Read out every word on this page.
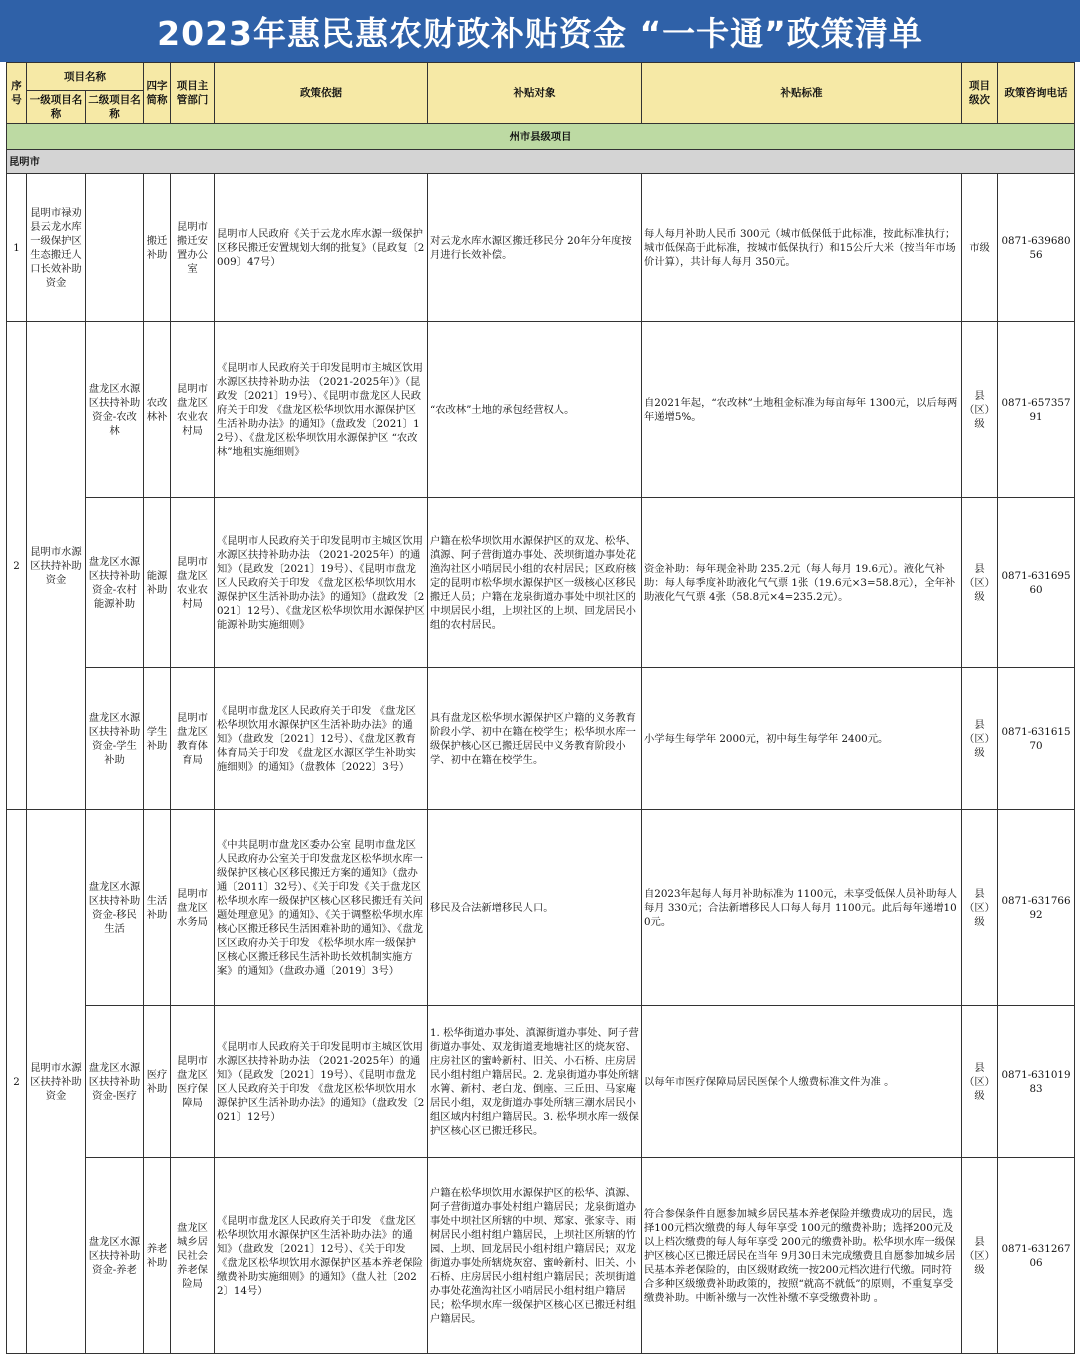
2023年惠民惠农财政补贴资金 “一卡通”政策清单
序号	项目名称		四字简称	项目主管部门	政策依据	补贴对象	补贴标准	项目级次	政策咨询电话
	一级项目名称	二级项目名称							
州市县级项目									
昆明市									
1	昆明市禄劝县云龙水库一级保护区生态搬迁人口长效补助资金		搬迁补助	昆明市搬迁安置办公室	昆明市人民政府《关于云龙水库水源一级保护区移民搬迁安置规划大纲的批复》（昆政复〔2009〕47号）	对云龙水库水源区搬迁移民分 20年分年度按月进行长效补偿。	每人每月补助人民币 300元（城市低保低于此标准，按此标准执行；城市低保高于此标准，按城市低保执行）和15公斤大米（按当年市场价计算），共计每人每月 350元。	市级	0871-63968056
2	昆明市水源区扶持补助资金	盘龙区水源区扶持补助资金-农改林	农改林补	昆明市盘龙区农业农村局	《昆明市人民政府关于印发昆明市主城区饮用水源区扶持补助办法 （2021-2025年）》（昆政发〔2021〕19号）、《昆明市盘龙区人民政府关于印发 《盘龙区松华坝饮用水源保护区生活补助办法》的通知》（盘政发〔2021〕12号）、《盘龙区松华坝饮用水源保护区 “农改林”地租实施细则》	“农改林”土地的承包经营权人。	自2021年起，“农改林”土地租金标准为每亩每年 1300元，以后每两年递增5%。	县（区）级	0871-65735791
		盘龙区水源区扶持补助资金-农村能源补助	能源补助	昆明市盘龙区农业农村局	《昆明市人民政府关于印发昆明市主城区饮用水源区扶持补助办法 （2021-2025年）的通知》（昆政发〔2021〕19号）、《昆明市盘龙区人民政府关于印发 《盘龙区松华坝饮用水源保护区生活补助办法》的通知》（盘政发〔2021〕12号）、《盘龙区松华坝饮用水源保护区能源补助实施细则》	户籍在松华坝饮用水源保护区的双龙、松华、滇源、阿子营街道办事处、茨坝街道办事处花渔沟社区小哨居民小组的农村居民；区政府核定的昆明市松华坝水源保护区一级核心区移民搬迁人员；户籍在龙泉街道办事处中坝社区的中坝居民小组，上坝社区的上坝、回龙居民小组的农村居民。	资金补助：每年现金补助 235.2元（每人每月 19.6元）。液化气补助：每人每季度补助液化气气票 1张（19.6元×3=58.8元），全年补助液化气气票 4张（58.8元×4=235.2元）。	县（区）级	0871-63169560
		盘龙区水源区扶持补助资金-学生补助	学生补助	昆明市盘龙区教育体育局	《昆明市盘龙区人民政府关于印发 《盘龙区松华坝饮用水源保护区生活补助办法》的通知》（盘政发〔2021〕12号）、《盘龙区教育体育局关于印发 《盘龙区水源区学生补助实施细则》的通知》（盘教体〔2022〕3号）	具有盘龙区松华坝水源保护区户籍的义务教育阶段小学、初中在籍在校学生；松华坝水库一级保护核心区已搬迁居民中义务教育阶段小学、初中在籍在校学生。	小学每生每学年 2000元，初中每生每学年 2400元。	县（区）级	0871-63161570
2	昆明市水源区扶持补助资金	盘龙区水源区扶持补助资金-移民生活	生活补助	昆明市盘龙区水务局	《中共昆明市盘龙区委办公室 昆明市盘龙区人民政府办公室关于印发盘龙区松华坝水库一级保护区核心区移民搬迁方案的通知》（盘办通〔2011〕32号）、《关于印发《关于盘龙区松华坝水库一级保护区核心区移民搬迁有关问题处理意见》的通知》、《关于调整松华坝水库核心区搬迁移民生活困难补助的通知》、《盘龙区区政府办关于印发 《松华坝水库一级保护区核心区搬迁移民生活补助长效机制实施方案》的通知》（盘政办通〔2019〕3号）	移民及合法新增移民人口。	自2023年起每人每月补助标准为 1100元，未享受低保人员补助每人每月 330元；合法新增移民人口每人每月 1100元。此后每年递增100元。	县（区）级	0871-63176692
		盘龙区水源区扶持补助资金-医疗	医疗补助	昆明市盘龙区医疗保障局	《昆明市人民政府关于印发昆明市主城区饮用水源区扶持补助办法 （2021-2025年）的通知》（昆政发〔2021〕19号）、《昆明市盘龙区人民政府关于印发 《盘龙区松华坝饮用水源保护区生活补助办法》的通知》（盘政发〔2021〕12号）	1. 松华街道办事处、滇源街道办事处、阿子营街道办事处、双龙街道麦地塘社区的烧灰窑、庄房社区的蜜岭新村、旧关、小石桥、庄房居民小组村组户籍居民。2. 龙泉街道办事处所辖水箐、新村、老白龙、倒座、三丘田、马家庵居民小组，双龙街道办事处所辖三潮水居民小组区域内村组户籍居民。3. 松华坝水库一级保护区核心区已搬迁移民。	以每年市医疗保障局居民医保个人缴费标准文件为准 。	县（区）级	0871-63101983
		盘龙区水源区扶持补助资金-养老	养老补助	盘龙区城乡居民社会养老保险局	《昆明市盘龙区人民政府关于印发 《盘龙区松华坝饮用水源保护区生活补助办法》的通知》（盘政发〔2021〕12号）、《关于印发 《盘龙区松华坝饮用水源保护区基本养老保险缴费补助实施细则》的通知》（盘人社〔2022〕14号）	户籍在松华坝饮用水源保护区的松华、滇源、阿子营街道办事处村组户籍居民；龙泉街道办事处中坝社区所辖的中坝、郑家、张家寺、雨树居民小组村组户籍居民，上坝社区所辖的竹园、上坝、回龙居民小组村组户籍居民；双龙街道办事处所辖烧灰窑、蜜岭新村、旧关、小石桥、庄房居民小组村组户籍居民；茨坝街道办事处花渔沟社区小哨居民小组村组户籍居民；松华坝水库一级保护区核心区已搬迁村组户籍居民。	符合参保条件自愿参加城乡居民基本养老保险并缴费成功的居民，选择100元档次缴费的每人每年享受 100元的缴费补助；选择200元及以上档次缴费的每人每年享受 200元的缴费补助。松华坝水库一级保护区核心区已搬迁居民在当年 9月30日未完成缴费且自愿参加城乡居民基本养老保险的，由区级财政统一按200元档次进行代缴。同时符合多种区级缴费补助政策的，按照“就高不就低”的原则，不重复享受缴费补助。中断补缴与一次性补缴不享受缴费补助 。	县（区）级	0871-63126706
